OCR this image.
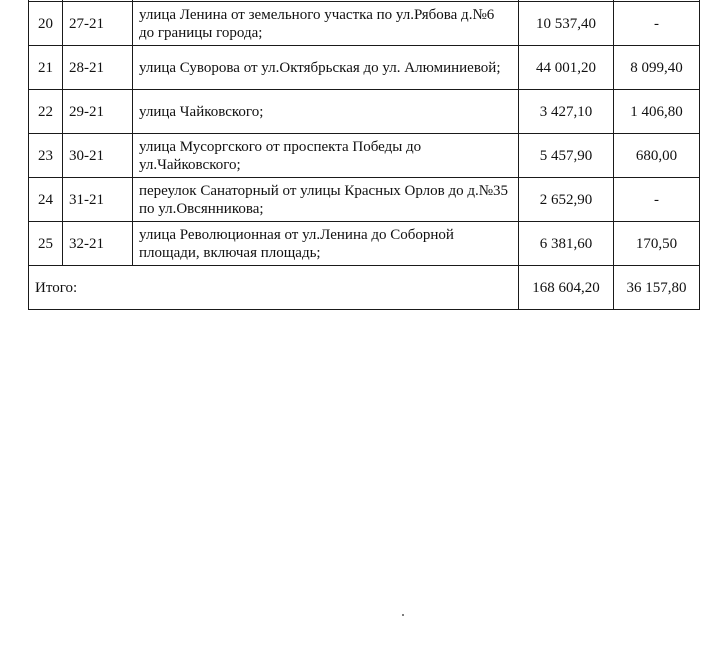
20	27-21	улица Ленина от земельного участка по ул.Рябова д.№6 до границы города;	10 537,40	-
21	28-21	улица Суворова от ул.Октябрьская до ул. Алюминиевой;	44 001,20	8 099,40
22	29-21	улица Чайковского;	3 427,10	1 406,80
23	30-21	улица Мусоргского от проспекта Победы до ул.Чайковского;	5 457,90	680,00
24	31-21	переулок Санаторный от улицы Красных Орлов до д.№35 по ул.Овсянникова;	2 652,90	-
25	32-21	улица Революционная от ул.Ленина до Соборной площади, включая площадь;	6 381,60	170,50
Итого:			168 604,20	36 157,80
